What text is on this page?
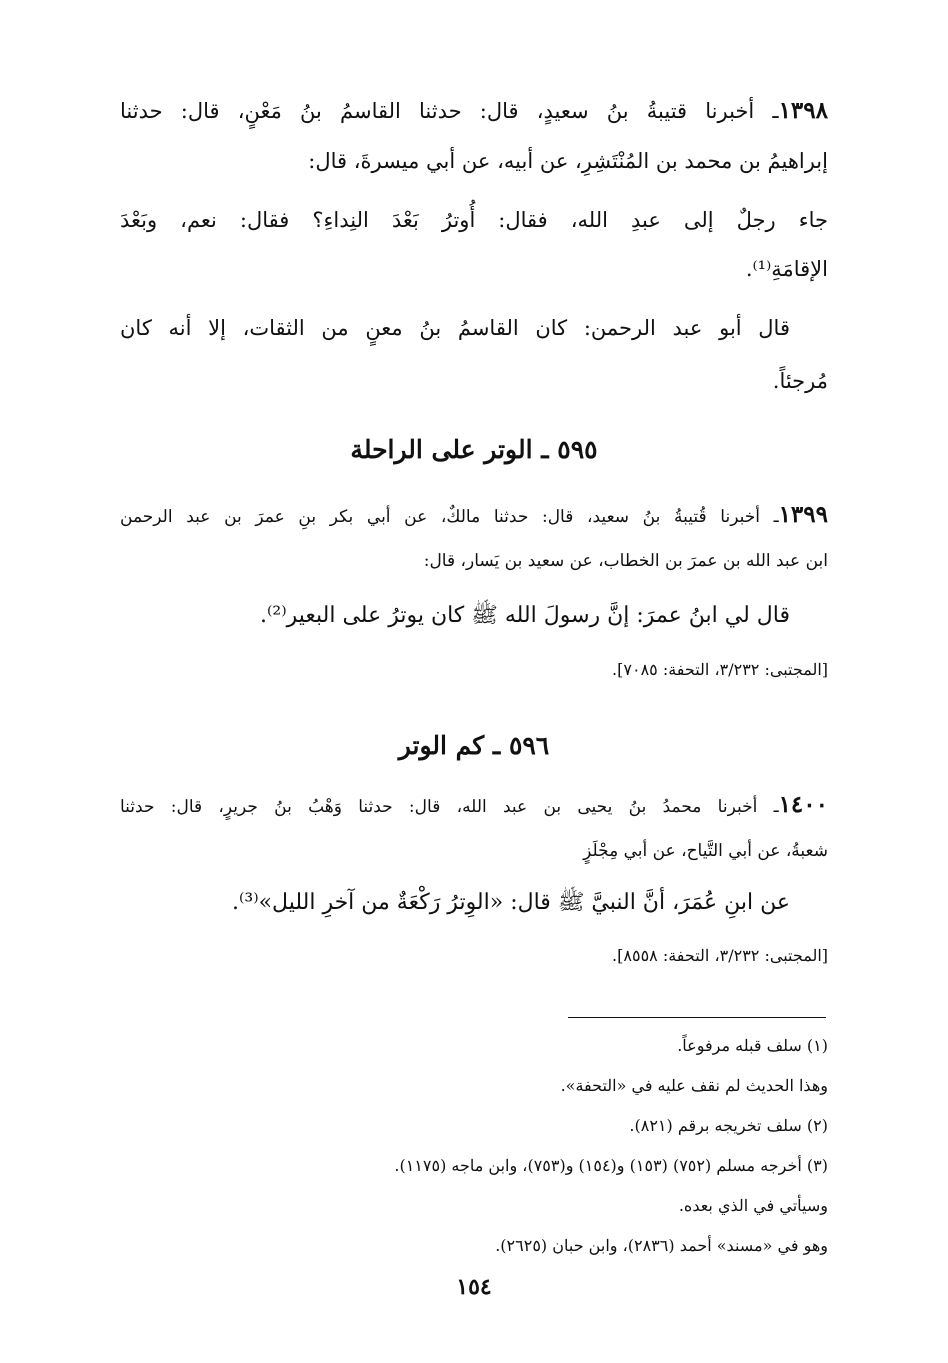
١٣٩٨ـ أخبرنا قتيبةُ بنُ سعيدٍ، قال: حدثنا القاسمُ بنُ مَعْنٍ، قال: حدثنا
إبراهيمُ بن محمد بن المُنْتَشِرِ، عن أبيه، عن أبي ميسرةَ، قال:
جاء رجلٌ إلى عبدِ الله، فقال: أُوترُ بَعْدَ النِداءِ؟ فقال: نعم، وبَعْدَ
الإقامَةِ⁽¹⁾.
قال أبو عبد الرحمن: كان القاسمُ بنُ معنٍ من الثقات، إلا أنه كان
مُرجئاً.
٥٩٥ ـ الوتر على الراحلة
١٣٩٩ـ أخبرنا قُتيبةُ بنُ سعيد، قال: حدثنا مالكٌ، عن أبي بكر بنِ عمرَ بن عبد الرحمن
ابن عبد الله بن عمرَ بن الخطاب، عن سعيد بن يَسار، قال:
قال لي ابنُ عمرَ: إنَّ رسولَ الله ﷺ كان يوترُ على البعير⁽²⁾.
[المجتبى: ٣/٢٣٢، التحفة: ٧٠٨٥].
٥٩٦ ـ كم الوتر
١٤٠٠ـ أخبرنا محمدُ بنُ يحيى بن عبد الله، قال: حدثنا وَهْبُ بنُ جريرٍ، قال: حدثنا
شعبةُ، عن أبي التَّياح، عن أبي مِجْلَزٍ
عن ابنِ عُمَرَ، أنَّ النبيَّ ﷺ قال: «الوِترُ رَكْعَةٌ من آخرِ الليل»⁽³⁾.
[المجتبى: ٣/٢٣٢، التحفة: ٨٥٥٨].
(١) سلف قبله مرفوعاً.
وهذا الحديث لم نقف عليه في «التحفة».
(٢) سلف تخريجه برقم (٨٢١).
(٣) أخرجه مسلم (٧٥٢) (١٥٣) و(١٥٤) و(٧٥٣)، وابن ماجه (١١٧٥).
وسيأتي في الذي بعده.
وهو في «مسند» أحمد (٢٨٣٦)، وابن حبان (٢٦٢٥).
١٥٤
